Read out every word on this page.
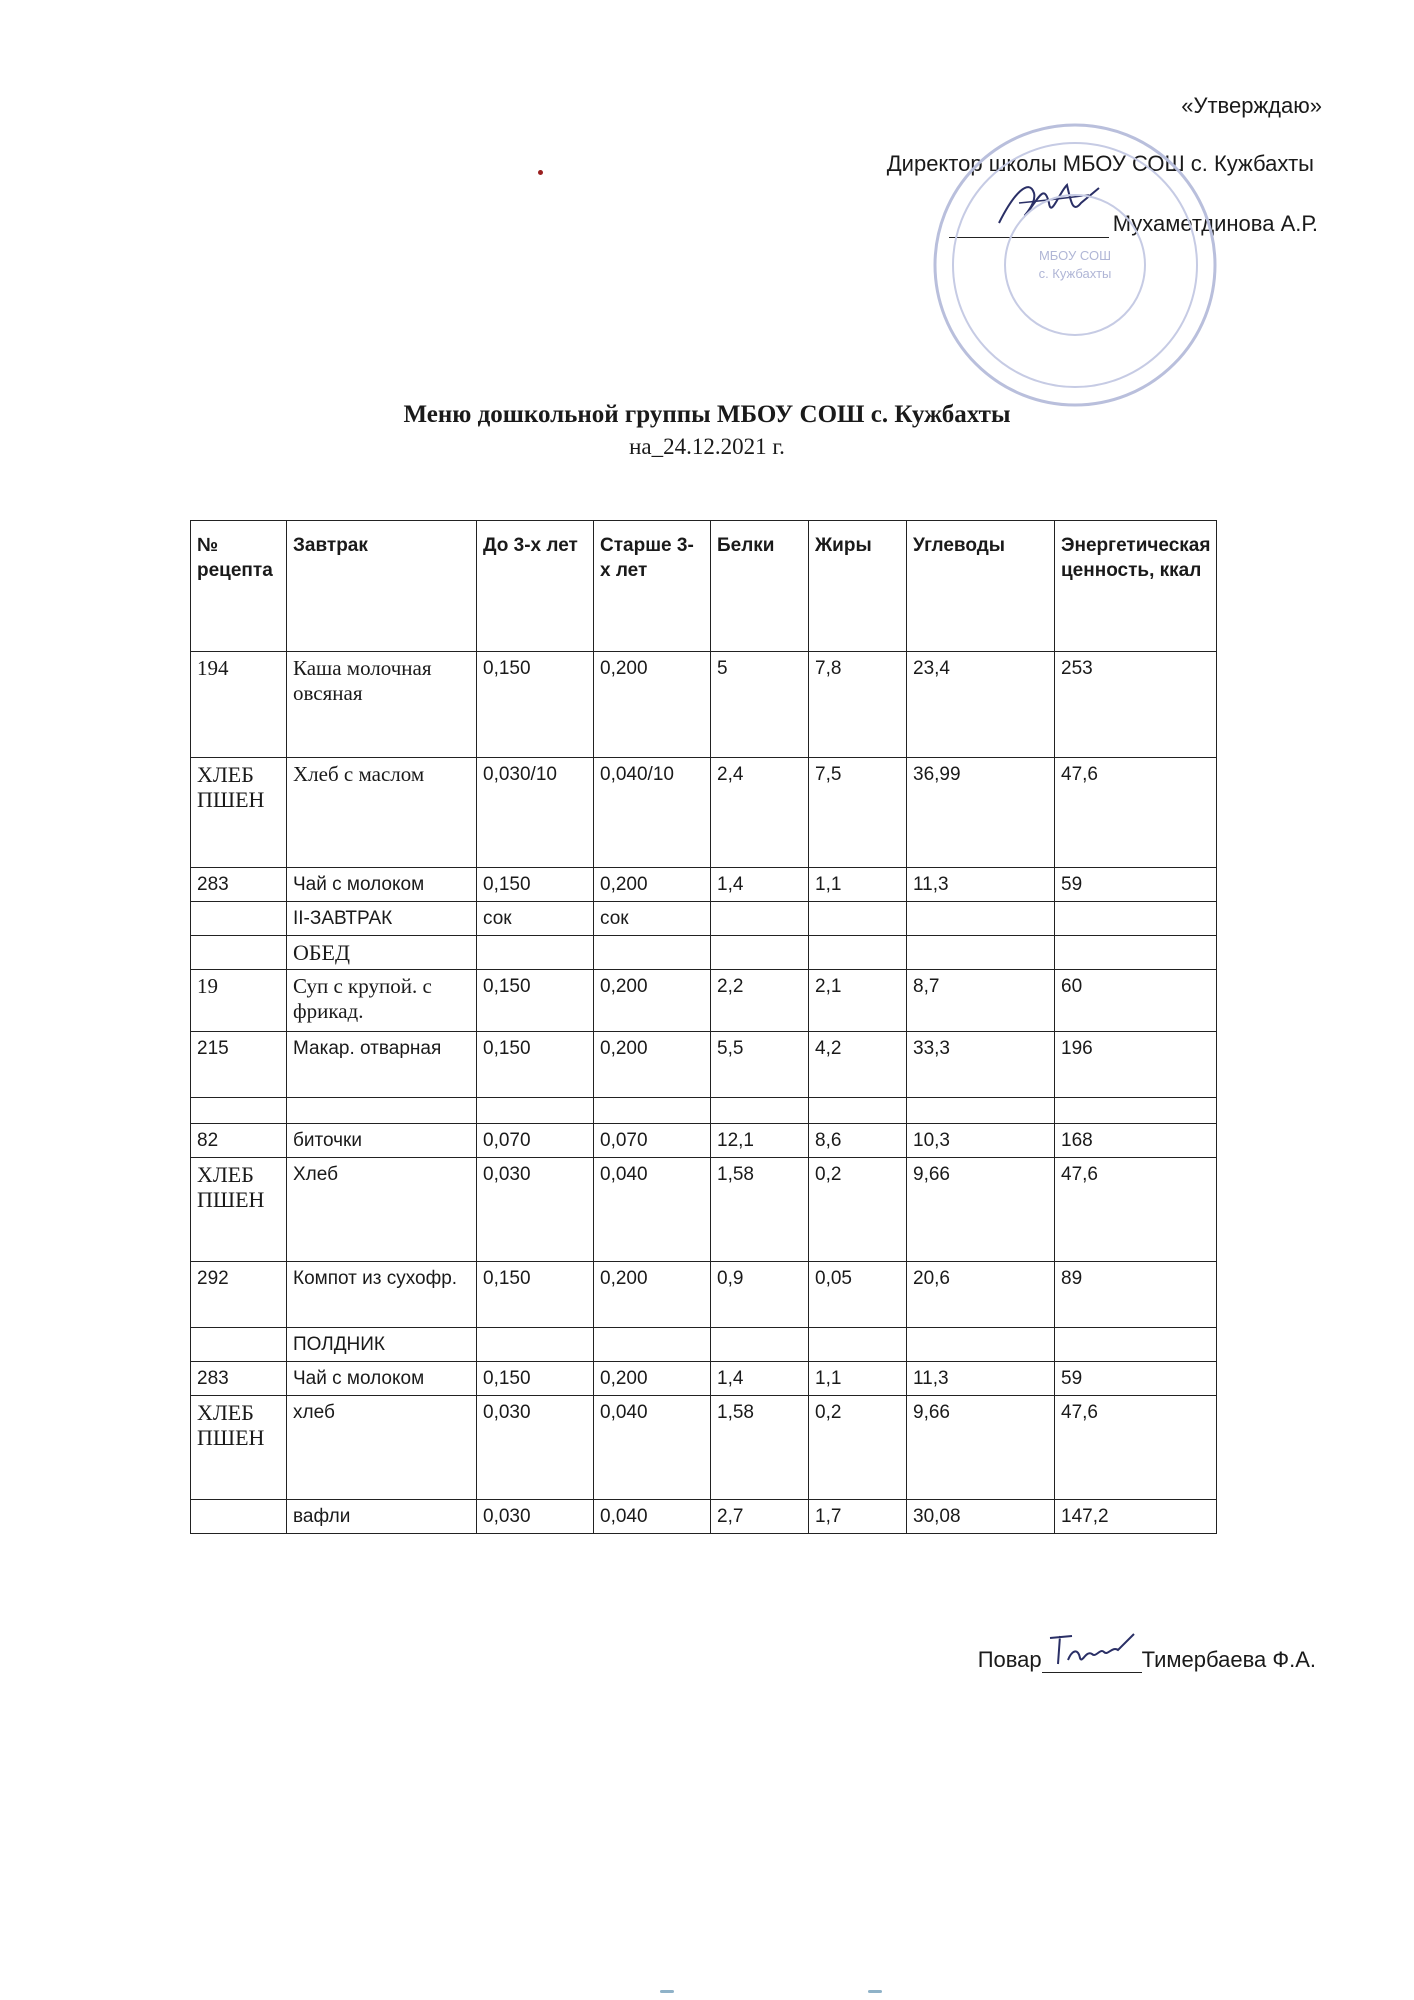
«Утверждаю»
Директор школы МБОУ СОШ с. Кужбахты
Мухаметдинова А.Р.
МБОУ СОШ
с. Кужбахты
Меню дошкольной группы МБОУ СОШ с. Кужбахты
на_24.12.2021 г.
№ рецепта	Завтрак	До 3-х лет	Старше 3-х лет	Белки	Жиры	Углеводы	Энергетическая ценность, ккал
194	Каша молочная овсяная	0,150	0,200	5	7,8	23,4	253
ХЛЕБ ПШЕН	Хлеб с маслом	0,030/10	0,040/10	2,4	7,5	36,99	47,6
283	Чай с молоком	0,150	0,200	1,4	1,1	11,3	59
	II-ЗАВТРАК	сок	сок				
	ОБЕД						
19	Суп с крупой. с фрикад.	0,150	0,200	2,2	2,1	8,7	60
215	Макар. отварная	0,150	0,200	5,5	4,2	33,3	196

82	биточки	0,070	0,070	12,1	8,6	10,3	168
ХЛЕБ ПШЕН	Хлеб	0,030	0,040	1,58	0,2	9,66	47,6
292	Компот из сухофр.	0,150	0,200	0,9	0,05	20,6	89
	ПОЛДНИК						
283	Чай с молоком	0,150	0,200	1,4	1,1	11,3	59
ХЛЕБ ПШЕН	хлеб	0,030	0,040	1,58	0,2	9,66	47,6
	вафли	0,030	0,040	2,7	1,7	30,08	147,2
Повар	Тимербаева Ф.А.
